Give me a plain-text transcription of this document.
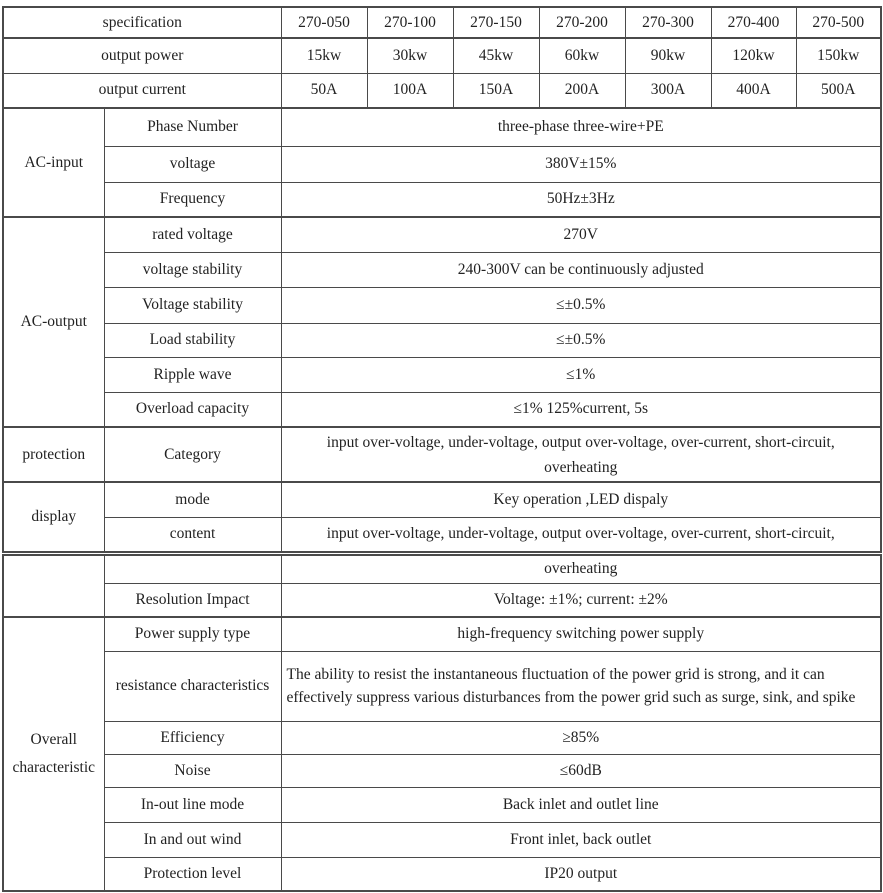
specification		270-050	270-100	270-150	270-200	270-300	270-400	270-500
output power		15kw	30kw	45kw	60kw	90kw	120kw	150kw
output current		50A	100A	150A	200A	300A	400A	500A
AC-input	Phase Number	three-phase three-wire+PE						
	voltage	380V±15%						
	Frequency	50Hz±3Hz						
AC-output	rated voltage	270V						
	voltage stability	240-300V can be continuously adjusted						
	Voltage stability	≤±0.5%						
	Load stability	≤±0.5%						
	Ripple wave	≤1%						
	Overload capacity	≤1% 125%current, 5s						
protection	Category	input over-voltage, under-voltage, output over-voltage, over-current, short-circuit, overheating						
display	mode	Key operation ,LED dispaly						
	content	input over-voltage, under-voltage, output over-voltage, over-current, short-circuit,						
		overheating
	Resolution Impact	Voltage: ±1%; current: ±2%
Overall characteristic	Power supply type	high-frequency switching power supply
	resistance characteristics	The ability to resist the instantaneous fluctuation of the power grid is strong, and it can effectively suppress various disturbances from the power grid such as surge, sink, and spike
	Efficiency	≥85%
	Noise	≤60dB
	In-out line mode	Back inlet and outlet line
	In and out wind	Front inlet, back outlet
	Protection level	IP20 output
